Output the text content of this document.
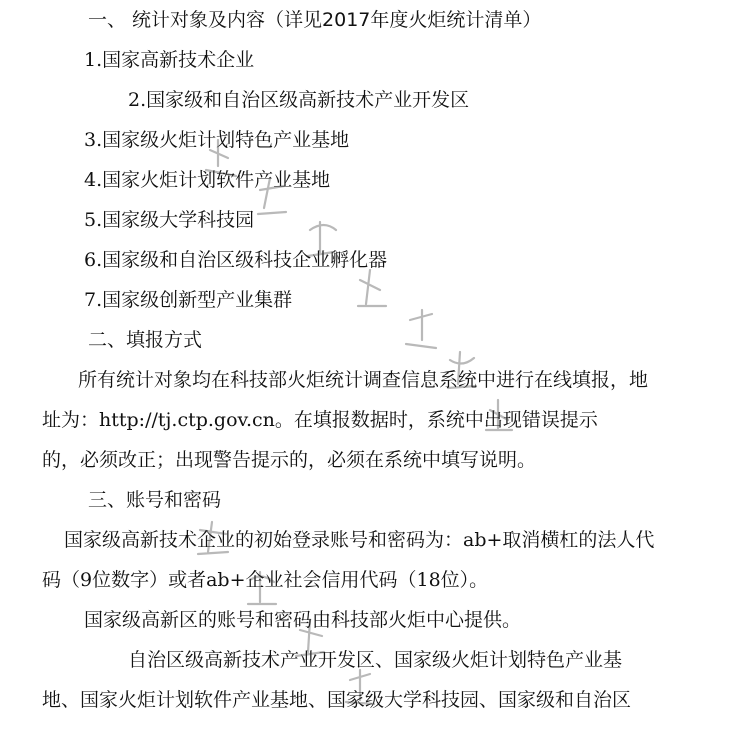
一、 统计对象及内容（详见2017年度火炬统计清单）
1.国家高新技术企业
2.国家级和自治区级高新技术产业开发区
3.国家级火炬计划特色产业基地
4.国家火炬计划软件产业基地
5.国家级大学科技园
6.国家级和自治区级科技企业孵化器
7.国家级创新型产业集群
二、填报方式
所有统计对象均在科技部火炬统计调查信息系统中进行在线填报，地
址为：http://tj.ctp.gov.cn。在填报数据时，系统中出现错误提示
的，必须改正；出现警告提示的，必须在系统中填写说明。
三、账号和密码
国家级高新技术企业的初始登录账号和密码为：ab+取消横杠的法人代
码（9位数字）或者ab+企业社会信用代码（18位）。
国家级高新区的账号和密码由科技部火炬中心提供。
自治区级高新技术产业开发区、国家级火炬计划特色产业基
地、国家火炬计划软件产业基地、国家级大学科技园、国家级和自治区
